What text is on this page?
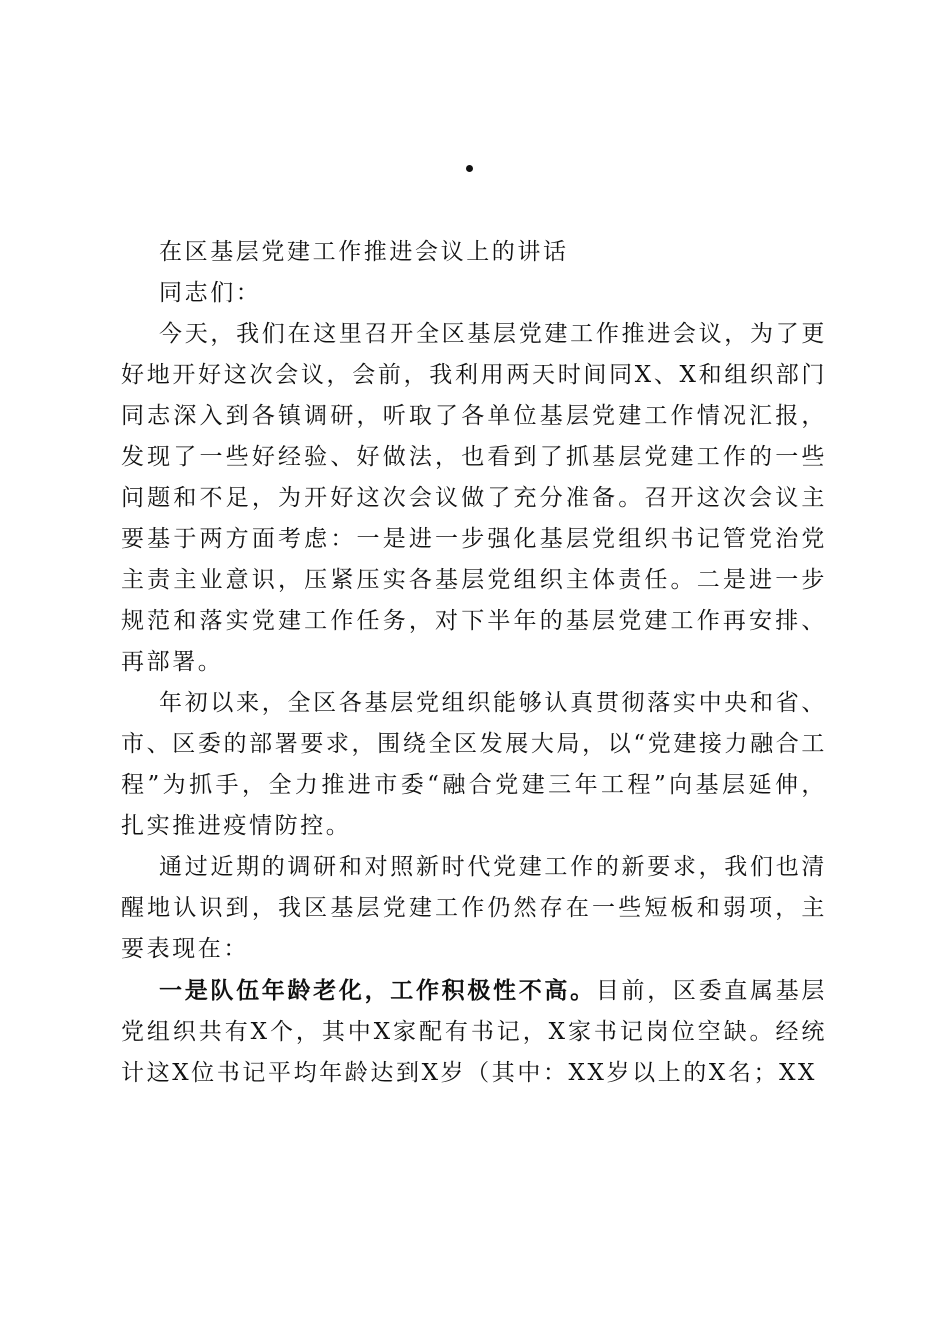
在区基层党建工作推进会议上的讲话

同志们：

今天，我们在这里召开全区基层党建工作推进会议，为了更好地开好这次会议，会前，我利用两天时间同X、X和组织部门同志深入到各镇调研，听取了各单位基层党建工作情况汇报，发现了一些好经验、好做法，也看到了抓基层党建工作的一些问题和不足，为开好这次会议做了充分准备。召开这次会议主要基于两方面考虑：一是进一步强化基层党组织书记管党治党主责主业意识，压紧压实各基层党组织主体责任。二是进一步规范和落实党建工作任务，对下半年的基层党建工作再安排、再部署。

年初以来，全区各基层党组织能够认真贯彻落实中央和省、市、区委的部署要求，围绕全区发展大局，以“党建接力融合工程”为抓手，全力推进市委“融合党建三年工程”向基层延伸，扎实推进疫情防控。

通过近期的调研和对照新时代党建工作的新要求，我们也清醒地认识到，我区基层党建工作仍然存在一些短板和弱项，主要表现在：

一是队伍年龄老化，工作积极性不高。目前，区委直属基层党组织共有X个，其中X家配有书记，X家书记岗位空缺。经统计这X位书记平均年龄达到X岁（其中：XX岁以上的X名；XX
